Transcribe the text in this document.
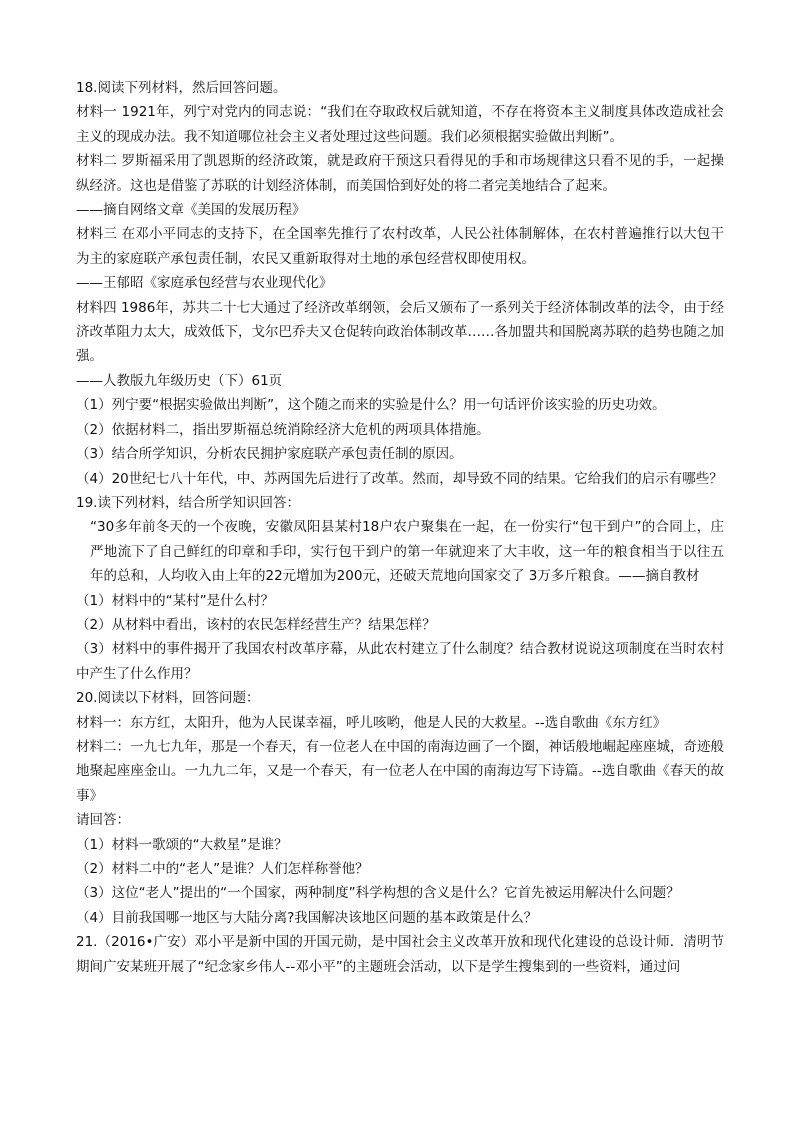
18.阅读下列材料，然后回答问题。
材料一 1921年，列宁对党内的同志说：“我们在夺取政权后就知道，不存在将资本主义制度具体改造成社会主义的现成办法。我不知道哪位社会主义者处理过这些问题。我们必须根据实验做出判断”。
材料二 罗斯福采用了凯恩斯的经济政策，就是政府干预这只看得见的手和市场规律这只看不见的手，一起操纵经济。这也是借鉴了苏联的计划经济体制，而美国恰到好处的将二者完美地结合了起来。
——摘自网络文章《美国的发展历程》
材料三 在邓小平同志的支持下，在全国率先推行了农村改革，人民公社体制解体，在农村普遍推行以大包干为主的家庭联产承包责任制，农民又重新取得对土地的承包经营权即使用权。
——王郁昭《家庭承包经营与农业现代化》
材料四 1986年，苏共二十七大通过了经济改革纲领，会后又颁布了一系列关于经济体制改革的法令，由于经济改革阻力太大，成效低下，戈尔巴乔夫又仓促转向政治体制改革……各加盟共和国脱离苏联的趋势也随之加强。
——人教版九年级历史（下）61页
（1）列宁要“根据实验做出判断”，这个随之而来的实验是什么？用一句话评价该实验的历史功效。
（2）依据材料二，指出罗斯福总统消除经济大危机的两项具体措施。
（3）结合所学知识，分析农民拥护家庭联产承包责任制的原因。
（4）20世纪七八十年代，中、苏两国先后进行了改革。然而，却导致不同的结果。它给我们的启示有哪些？
19.读下列材料，结合所学知识回答：
“30多年前冬天的一个夜晚，安徽凤阳县某村18户农户聚集在一起，在一份实行“包干到户”的合同上，庄严地流下了自己鲜红的印章和手印，实行包干到户的第一年就迎来了大丰收，这一年的粮食相当于以往五年的总和，人均收入由上年的22元增加为200元，还破天荒地向国家交了 3万多斤粮食。——摘自教材
（1）材料中的“某村”是什么村？
（2）从材料中看出，该村的农民怎样经营生产？结果怎样？
（3）材料中的事件揭开了我国农村改革序幕，从此农村建立了什么制度？结合教材说说这项制度在当时农村中产生了什么作用？
20.阅读以下材料，回答问题：
材料一：东方红，太阳升，他为人民谋幸福，呼儿咳哟，他是人民的大救星。--选自歌曲《东方红》
材料二：一九七九年，那是一个春天，有一位老人在中国的南海边画了一个圈，神话般地崛起座座城，奇迹般地聚起座座金山。一九九二年，又是一个春天，有一位老人在中国的南海边写下诗篇。--选自歌曲《春天的故事》
请回答：
（1）材料一歌颂的“大救星”是谁？
（2）材料二中的“老人”是谁？人们怎样称誉他？
（3）这位“老人”提出的“一个国家，两种制度”科学构想的含义是什么？它首先被运用解决什么问题？
（4）目前我国哪一地区与大陆分离?我国解决该地区问题的基本政策是什么？
21.（2016•广安）邓小平是新中国的开国元勋，是中国社会主义改革开放和现代化建设的总设计师．清明节期间广安某班开展了“纪念家乡伟人--邓小平”的主题班会活动，以下是学生搜集到的一些资料，通过问
